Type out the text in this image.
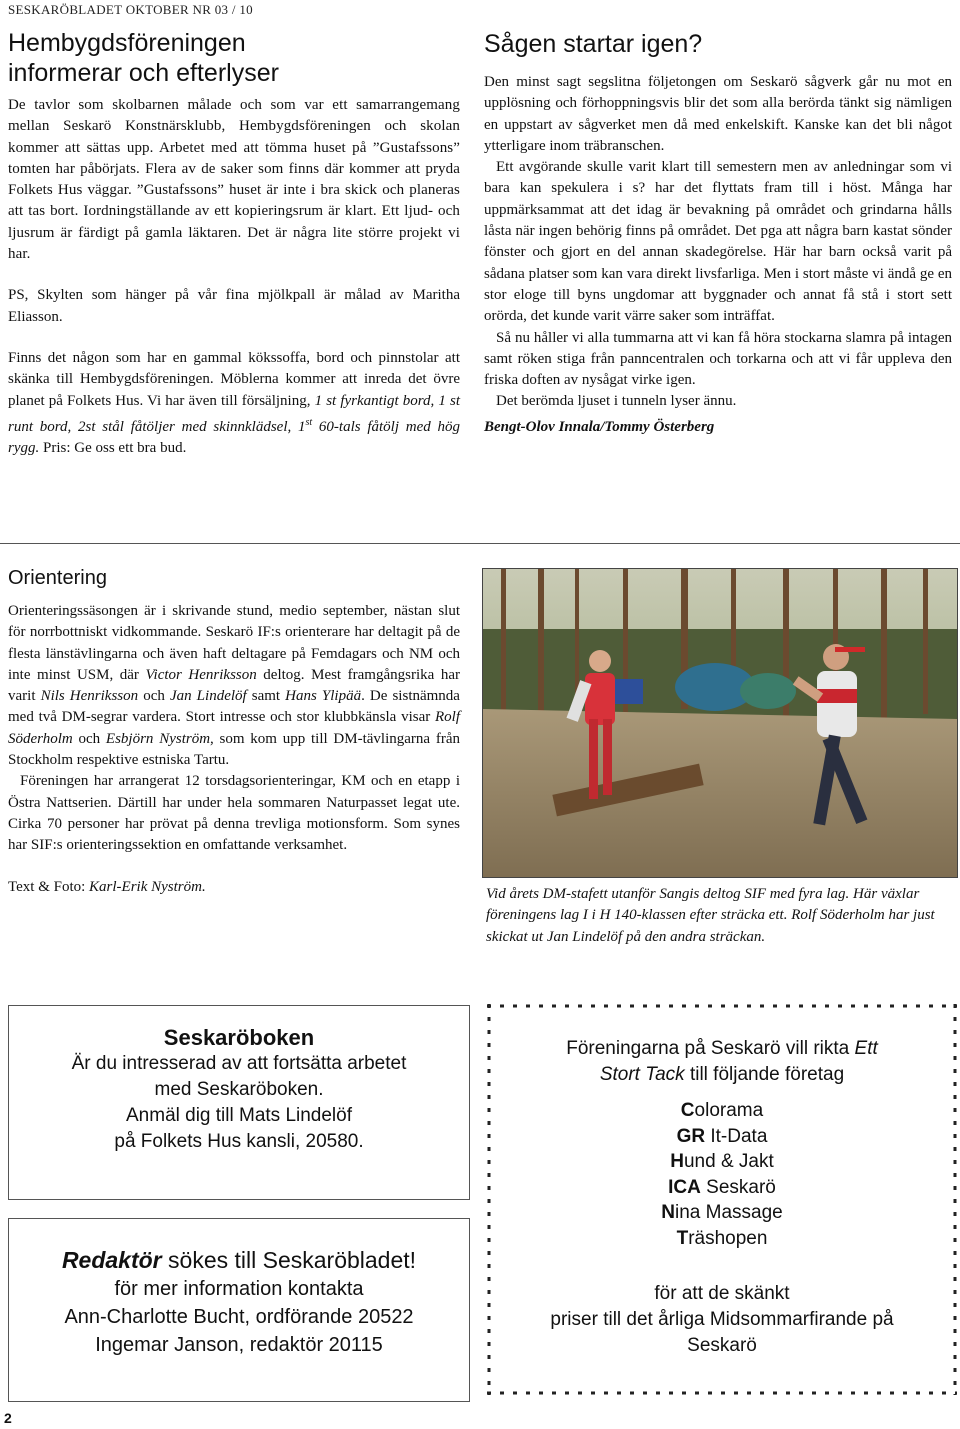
SESKARÖBLADET OKTOBER NR 03 / 10
Hembygdsföreningen
informerar och efterlyser

De tavlor som skolbarnen målade och som var ett samarrangemang mellan Seskarö Konstnärsklubb, Hembygdsföreningen och skolan kommer att sättas upp. Arbetet med att tömma huset på ”Gustafssons” tomten har påbörjats. Flera av de saker som finns där kommer att pryda Folkets Hus väggar. ”Gustafssons” huset är inte i bra skick och planeras att tas bort. Iordningställande av ett kopieringsrum är klart. Ett ljud- och ljusrum är färdigt på gamla läktaren. Det är några lite större projekt vi har.

PS, Skylten som hänger på vår fina mjölkpall är målad av Maritha Eliasson.

Finns det någon som har en gammal kökssoffa, bord och pinnstolar att skänka till Hembygdsföreningen. Möblerna kommer att inreda det övre planet på Folkets Hus. Vi har även till försäljning, 1 st fyrkantigt bord, 1 st runt bord, 2st stål fåtöljer med skinnklädsel, 1st 60-tals fåtölj med hög rygg. Pris: Ge oss ett bra bud.

Sågen startar igen?

Den minst sagt segslitna följetongen om Seskarö sågverk går nu mot en upplösning och förhoppningsvis blir det som alla berörda tänkt sig nämligen en uppstart av sågverket men då med enkelskift. Kanske kan det bli något ytterligare inom träbranschen.

Ett avgörande skulle varit klart till semestern men av anledningar som vi bara kan spekulera i s? har det flyttats fram till i höst. Många har uppmärksammat att det idag är bevakning på området och grindarna hålls låsta när ingen behörig finns på området. Det pga att några barn kastat sönder fönster och gjort en del annan skadegörelse. Här har barn också varit på sådana platser som kan vara direkt livsfarliga. Men i stort måste vi ändå ge en stor eloge till byns ungdomar att byggnader och annat få stå i stort sett orörda, det kunde varit värre saker som inträffat.

Så nu håller vi alla tummarna att vi kan få höra stockarna slamra på intagen samt röken stiga från panncentralen och torkarna och att vi får uppleva den friska doften av nysågat virke igen.

Det berömda ljuset i tunneln lyser ännu.

Bengt-Olov Innala/Tommy Österberg

Orientering

Orienteringssäsongen är i skrivande stund, medio september, nästan slut för norrbottniskt vidkommande. Seskarö IF:s orienterare har deltagit på de flesta länstävlingarna och även haft deltagare på Femdagars och NM och inte minst USM, där Victor Henriksson deltog. Mest framgångsrika har varit Nils Henriksson och Jan Lindelöf samt Hans Ylipää. De sistnämnda med två DM-segrar vardera. Stort intresse och stor klubbkänsla visar Rolf Söderholm och Esbjörn Nyström, som kom upp till DM-tävlingarna från Stockholm respektive estniska Tartu.

Föreningen har arrangerat 12 torsdagsorienteringar, KM och en etapp i Östra Nattserien. Därtill har under hela sommaren Naturpasset legat ute. Cirka 70 personer har prövat på denna trevliga motionsform. Som synes har SIF:s orienteringssektion en omfattande verksamhet.

Text & Foto: Karl-Erik Nyström.	Vid årets DM-stafett utanför Sangis deltog SIF med fyra lag. Här växlar föreningens lag I i H 140-klassen efter sträcka ett. Rolf Söderholm har just skickat ut Jan Lindelöf på den andra sträckan.
Seskaröboken
Är du intresserad av att fortsätta arbetet
med Seskaröboken.
Anmäl dig till Mats Lindelöf
på Folkets Hus kansli, 20580.
Redaktör sökes till Seskaröbladet!
för mer information kontakta
Ann-Charlotte Bucht, ordförande 20522
Ingemar Janson, redaktör 20115
Föreningarna på Seskarö vill rikta Ett
Stort Tack till följande företag
Colorama
GR It-Data
Hund & Jakt
ICA Seskarö
Nina Massage
Träshopen
för att de skänkt
priser till det årliga Midsommarfirande på
Seskarö
2
